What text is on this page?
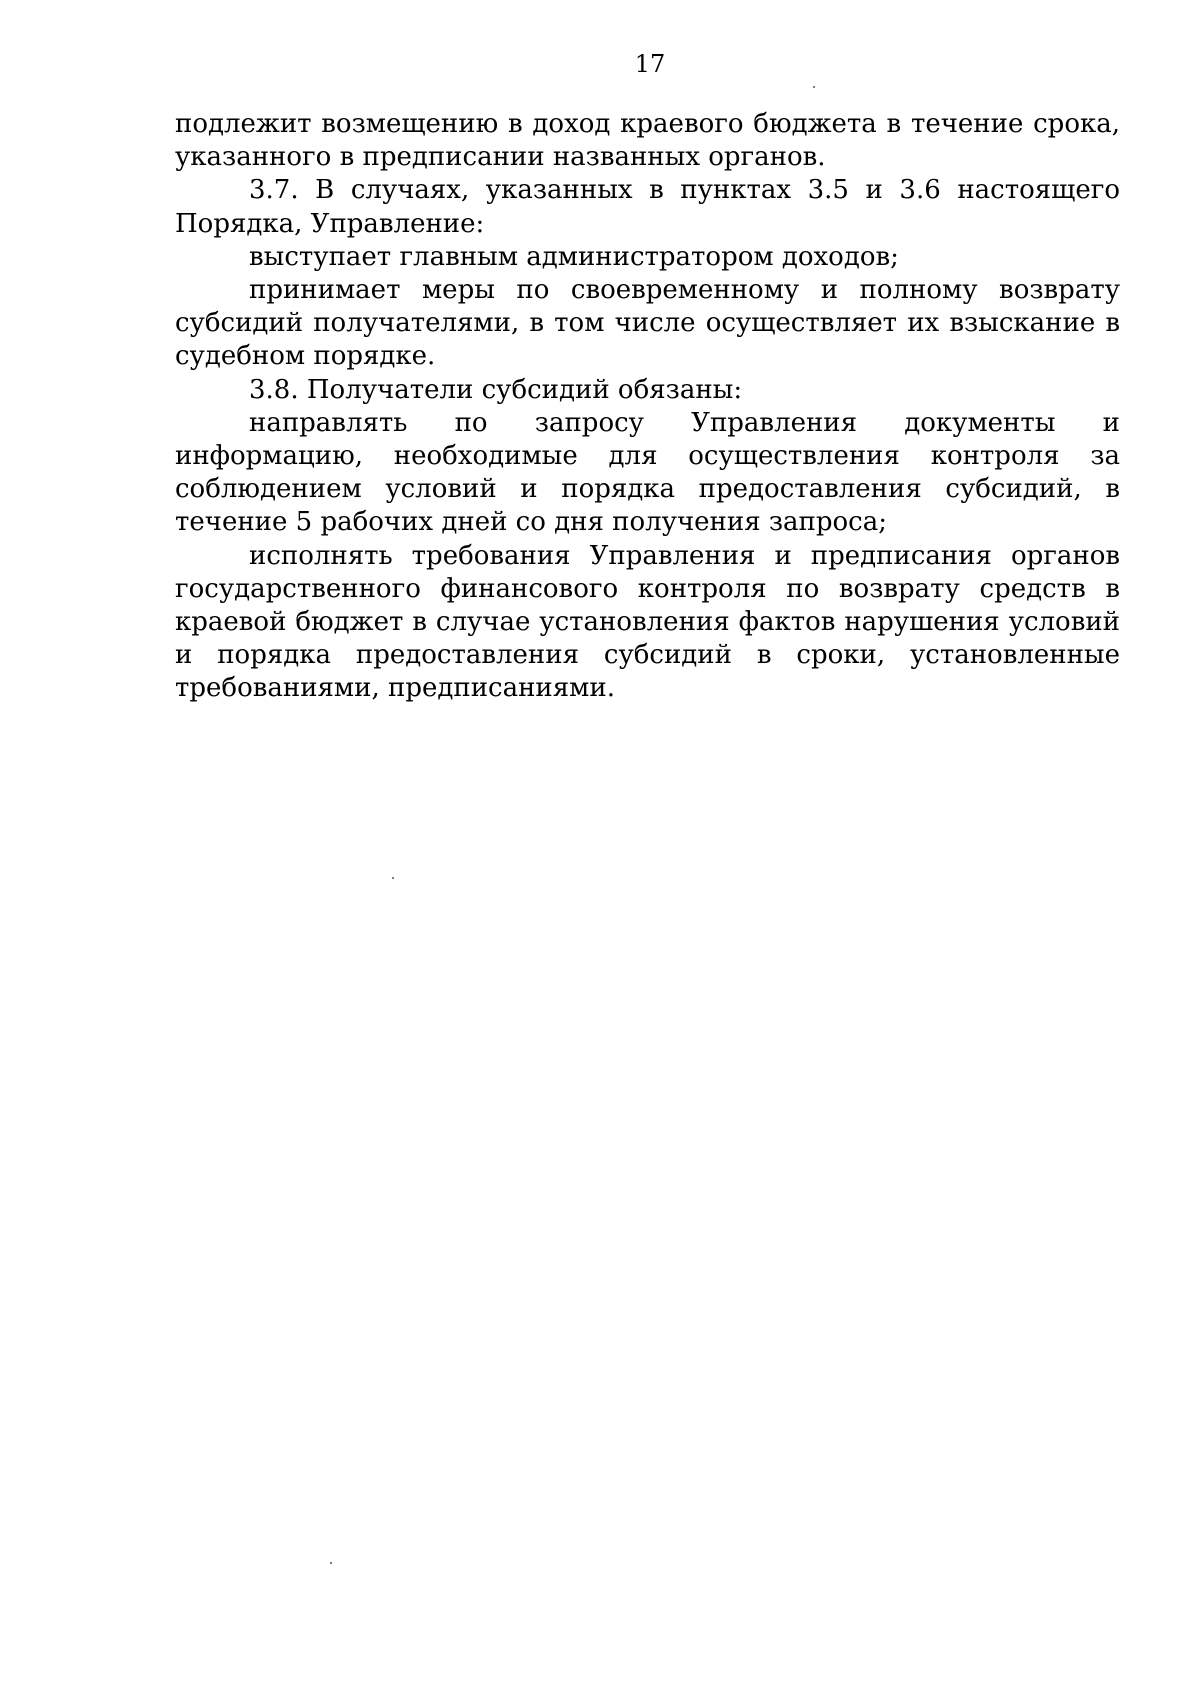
17

подлежит возмещению в доход краевого бюджета в течение срока, указанного в предписании названных органов.

3.7. В случаях, указанных в пунктах 3.5 и 3.6 настоящего Порядка, Управление:

выступает главным администратором доходов;

принимает меры по своевременному и полному возврату субсидий получателями, в том числе осуществляет их взыскание в судебном порядке.

3.8. Получатели субсидий обязаны:

направлять по запросу Управления документы и информацию, необходимые для осуществления контроля за соблюдением условий и порядка предоставления субсидий, в течение 5 рабочих дней со дня получения запроса;

исполнять требования Управления и предписания органов государственного финансового контроля по возврату средств в краевой бюджет в случае установления фактов нарушения условий и порядка предоставления субсидий в сроки, установленные требованиями, предписаниями.
